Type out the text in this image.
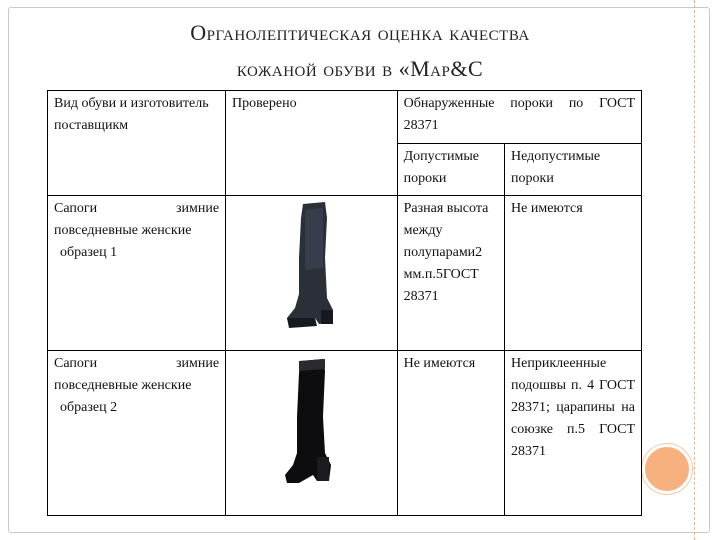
Органолептическая оценка качества
кожаной обуви в «Мар&С
Вид обуви и изготовитель поставщикм	Проверено	Обнаруженные пороки по ГОСТ 28371	
		Допустимые пороки	Недопустимые пороки
Сапоги зимние повседневные женские
образец 1		Разная высота между полупарами2 мм.п.5ГОСТ 28371	Не имеются
Сапоги зимние повседневные женские
образец 2		Не имеются	Неприклеенные подошвы п. 4 ГОСТ 28371; царапины на союзке п.5 ГОСТ 28371
